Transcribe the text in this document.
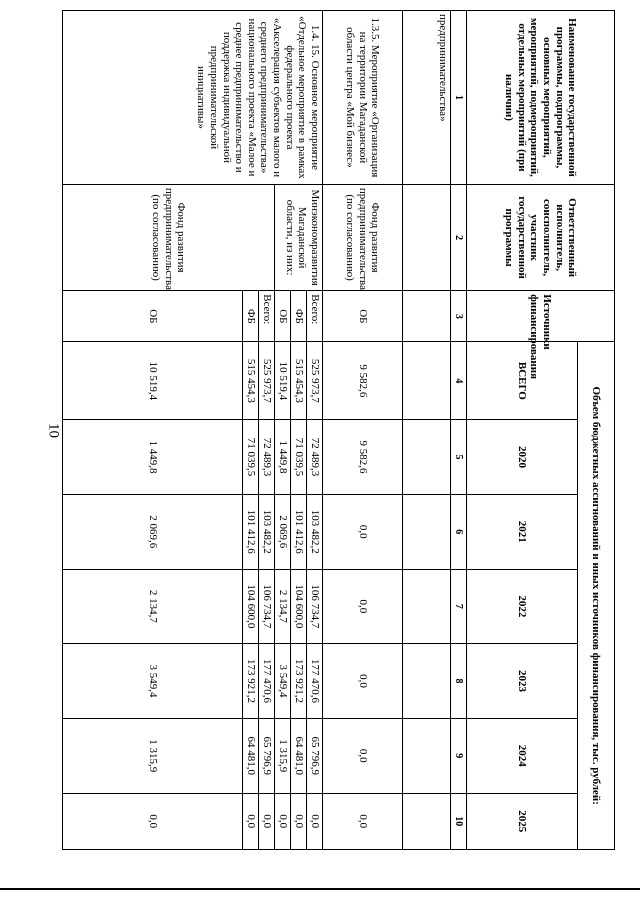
10
Наименование государственной программы, подпрограммы, основных мероприятий, мероприятий, подмероприятий, отдельных мероприятий (при наличии)	Ответственный исполнитель, соисполнитель, участник государственной программы	Источники финансирования	Объем бюджетных ассигнований и иных источников финансирования, тыс. рублей:						
			ВСЕГО	2020	2021	2022	2023	2024	2025
1	2	3	4	5	6	7	8	9	10
предпринимательства»									
1.3.5. Мероприятие «Организация на территории Магаданской области центра «Мой бизнес»	Фонд развития предпринимательства (по согласованию)	ОБ	9 582,6	9 582,6	0,0	0,0	0,0	0,0	0,0
1.4. 15. Основное мероприятие «Отдельное мероприятие в рамках федерального проекта «Акселерация субъектов малого и среднего предпринимательства» национального проекта «Малое и среднее предпринимательство и поддержка индивидуальной предпринимательской инициативы»	Минэкономразвития Магаданской области, из них:	Всего:	525 973,7	72 489,3	103 482,2	106 734,7	177 470,6	65 796,9	0,0
		ФБ	515 454,3	71 039,5	101 412,6	104 600,0	173 921,2	64 481,0	0,0
		ОБ	10 519,4	1 449,8	2 069,6	2 134,7	3 549,4	1 315,9	0,0
	Фонд развития предпринимательства (по согласованию)	Всего:	525 973,7	72 489,3	103 482,2	106 734,7	177 470,6	65 796,9	0,0
		ФБ	515 454,3	71 039,5	101 412,6	104 600,0	173 921,2	64 481,0	0,0
		ОБ	10 519,4	1 449,8	2 069,6	2 134,7	3 549,4	1 315,9	0,0
